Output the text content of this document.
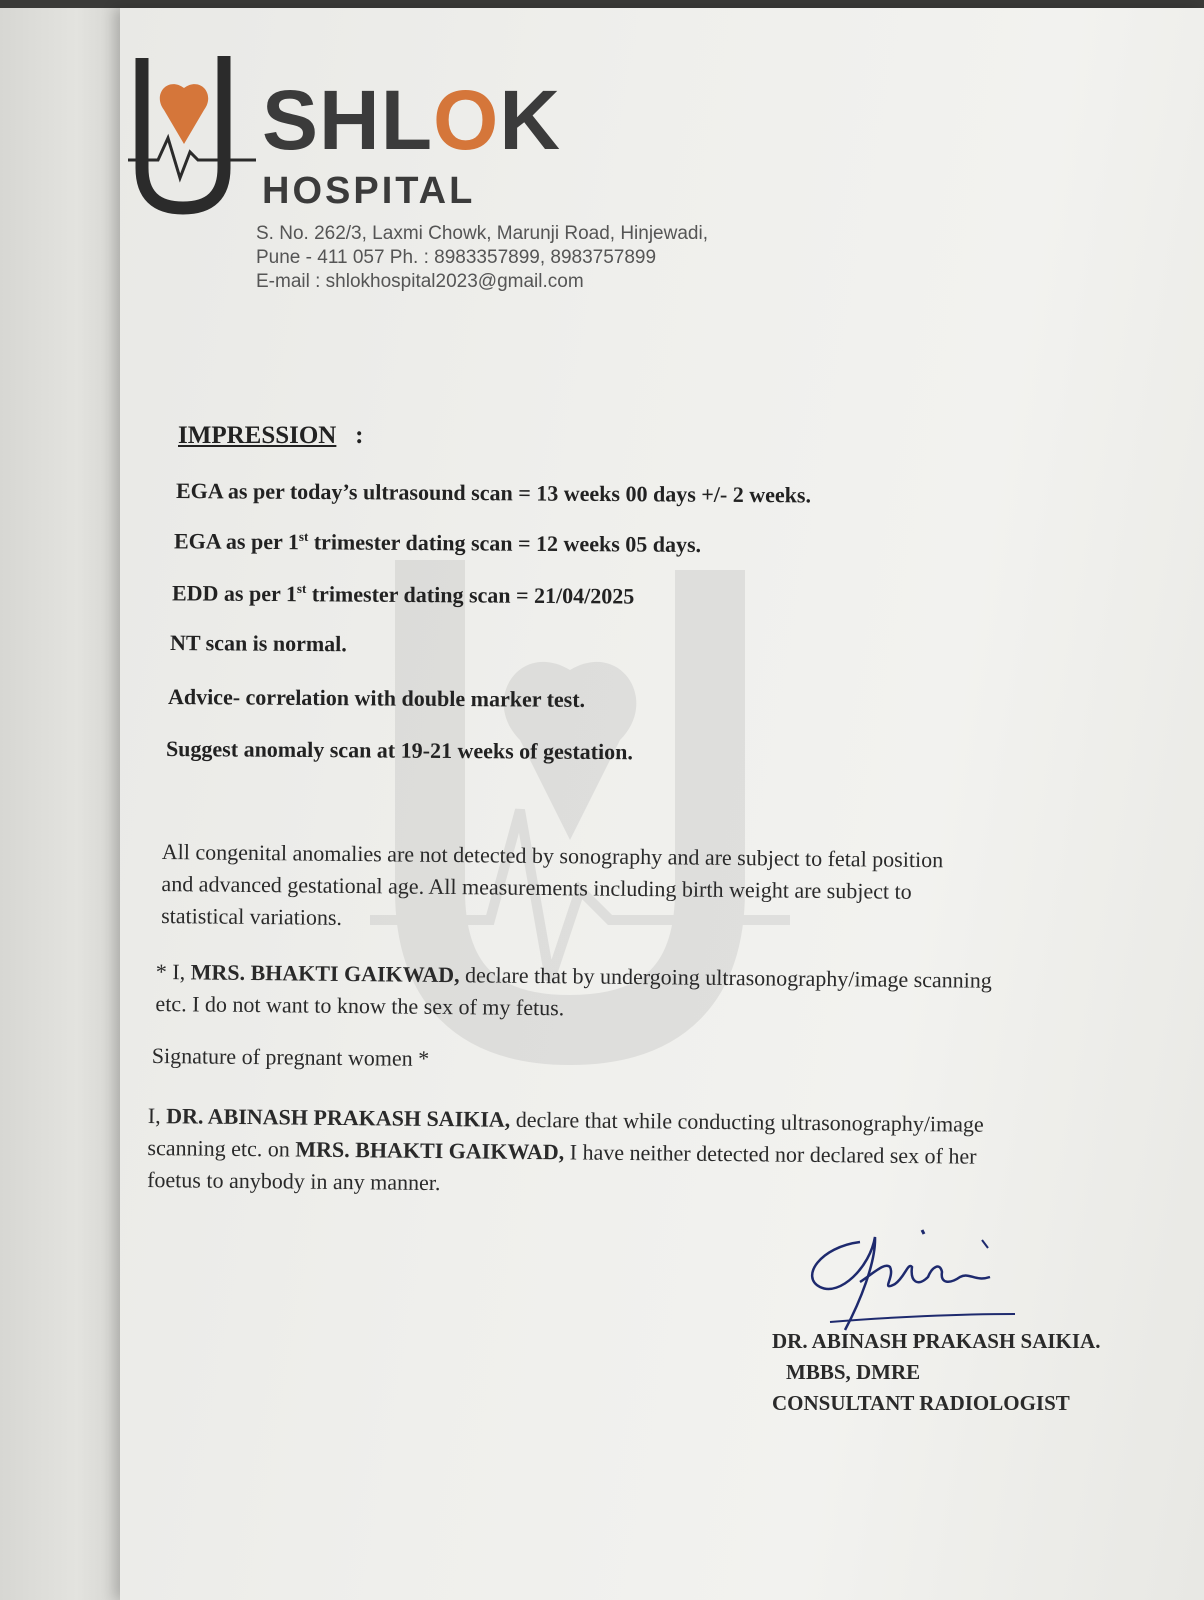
SHLOK
HOSPITAL
S. No. 262/3, Laxmi Chowk, Marunji Road, Hinjewadi,
Pune - 411 057 Ph. : 8983357899, 8983757899
E-mail : shlokhospital2023@gmail.com
IMPRESSION :
EGA as per today’s ultrasound scan = 13 weeks 00 days +/- 2 weeks.
EGA as per 1st trimester dating scan = 12 weeks 05 days.
EDD as per 1st trimester dating scan = 21/04/2025
NT scan is normal.
Advice- correlation with double marker test.
Suggest anomaly scan at 19-21 weeks of gestation.
All congenital anomalies are not detected by sonography and are subject to fetal position
and advanced gestational age. All measurements including birth weight are subject to
statistical variations.
* I, MRS. BHAKTI GAIKWAD, declare that by undergoing ultrasonography/image scanning
etc. I do not want to know the sex of my fetus.
Signature of pregnant women *
I, DR. ABINASH PRAKASH SAIKIA, declare that while conducting ultrasonography/image
scanning etc. on MRS. BHAKTI GAIKWAD, I have neither detected nor declared sex of her
foetus to anybody in any manner.
DR. ABINASH PRAKASH SAIKIA.
MBBS, DMRE
CONSULTANT RADIOLOGIST
